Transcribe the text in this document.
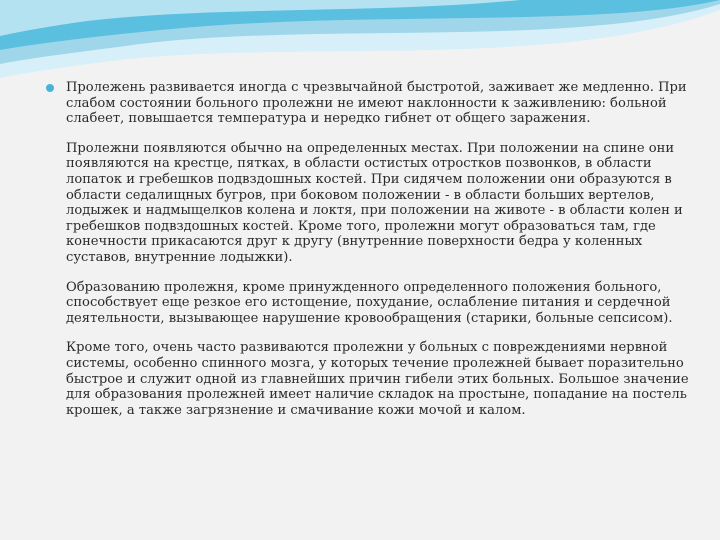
Пролежень развивается иногда с чрезвычайной быстротой, заживает же медленно. При слабом состоянии больного пролежни не имеют наклонности к заживлению: больной слабеет, повышается температура и нередко гибнет от общего заражения.

Пролежни появляются обычно на определенных местах. При положении на спине они появляются на крестце, пятках, в области остистых отростков позвонков, в области лопаток и гребешков подвздошных костей. При сидячем положении они образуются в области седалищных бугров, при боковом положении - в области больших вертелов, лодыжек и надмыщелков колена и локтя, при положении на животе - в области колен и гребешков подвздошных костей. Кроме того, пролежни могут образоваться там, где конечности прикасаются друг к другу (внутренние поверхности бедра у коленных суставов, внутренние лодыжки).

Образованию пролежня, кроме принужденного определенного положения больного, способствует еще резкое его истощение, похудание, ослабление питания и сердечной деятельности, вызывающее нарушение кровообращения (старики, больные сепсисом).

Кроме того, очень часто развиваются пролежни у больных с повреждениями нервной системы, особенно спинного мозга, у которых течение пролежней бывает поразительно быстрое и служит одной из главнейших причин гибели этих больных. Большое значение для образования пролежней имеет наличие складок на простыне, попадание на постель крошек, а также загрязнение и смачивание кожи мочой и калом.
